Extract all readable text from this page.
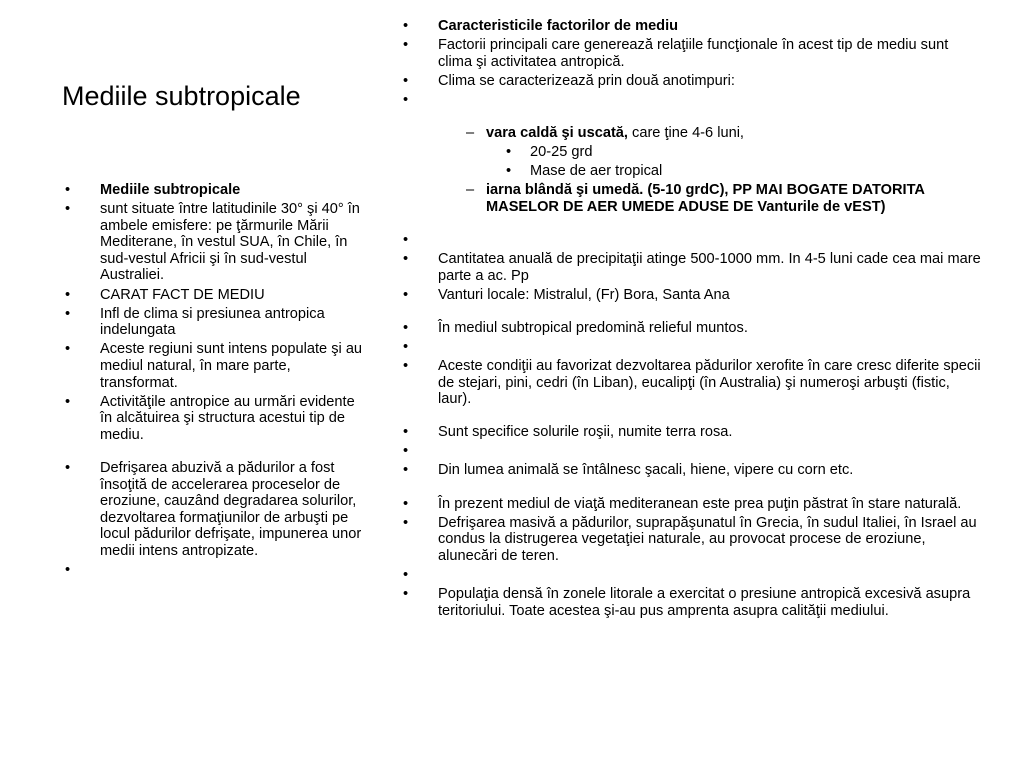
Mediile subtropicale
• Mediile subtropicale
• sunt situate între latitudinile 30° şi 40° în ambele emisfere: pe ţărmurile Mării Mediterane, în vestul SUA, în Chile, în sud-vestul Africii şi în sud-vestul Australiei.
• CARAT FACT DE MEDIU
• Infl de clima si presiunea antropica indelungata
• Aceste regiuni sunt intens populate şi au mediul natural, în mare parte, transformat.
• Activităţile antropice au urmări evidente în alcătuirea şi structura acestui tip de mediu.
• Defrişarea abuzivă a pădurilor a fost însoţită de accelerarea proceselor de eroziune, cauzând degradarea solurilor, dezvoltarea formaţiunilor de arbuşti pe locul pădurilor defrişate, impunerea unor medii intens antropizate.
•
• Caracteristicile factorilor de mediu
• Factorii principali care generează relaţiile funcţionale în acest tip de mediu sunt clima şi activitatea antropică.
• Clima se caracterizează prin două anotimpuri:
•
– vara caldă şi uscată, care ţine 4-6 luni,
• 20-25 grd
• Mase de aer tropical
– iarna blândă şi umedă. (5-10 grdC), PP MAI BOGATE DATORITA MASELOR DE AER UMEDE ADUSE DE Vanturile de vEST)
•
• Cantitatea anuală de precipitaţii atinge 500-1000 mm. In 4-5 luni cade cea mai mare parte a ac. Pp
• Vanturi locale: Mistralul, (Fr) Bora, Santa Ana
• În mediul subtropical predomină relieful muntos.
•
• Aceste condiţii au favorizat dezvoltarea pădurilor xerofite în care cresc diferite specii de stejari, pini, cedri (în Liban), eucalipţi (în Australia) şi numeroşi arbuşti (fistic, laur).
• Sunt specifice solurile roşii, numite terra rosa.
•
• Din lumea animală se întâlnesc şacali, hiene, vipere cu corn etc.
• În prezent mediul de viaţă mediteranean este prea puţin păstrat în stare naturală.
• Defrişarea masivă a pădurilor, suprapăşunatul în Grecia, în sudul Italiei, în Israel au condus la distrugerea vegetaţiei naturale, au provocat procese de eroziune, alunecări de teren.
•
• Populaţia densă în zonele litorale a exercitat o presiune antropică excesivă asupra teritoriului. Toate acestea şi-au pus amprenta asupra calităţii mediului.
